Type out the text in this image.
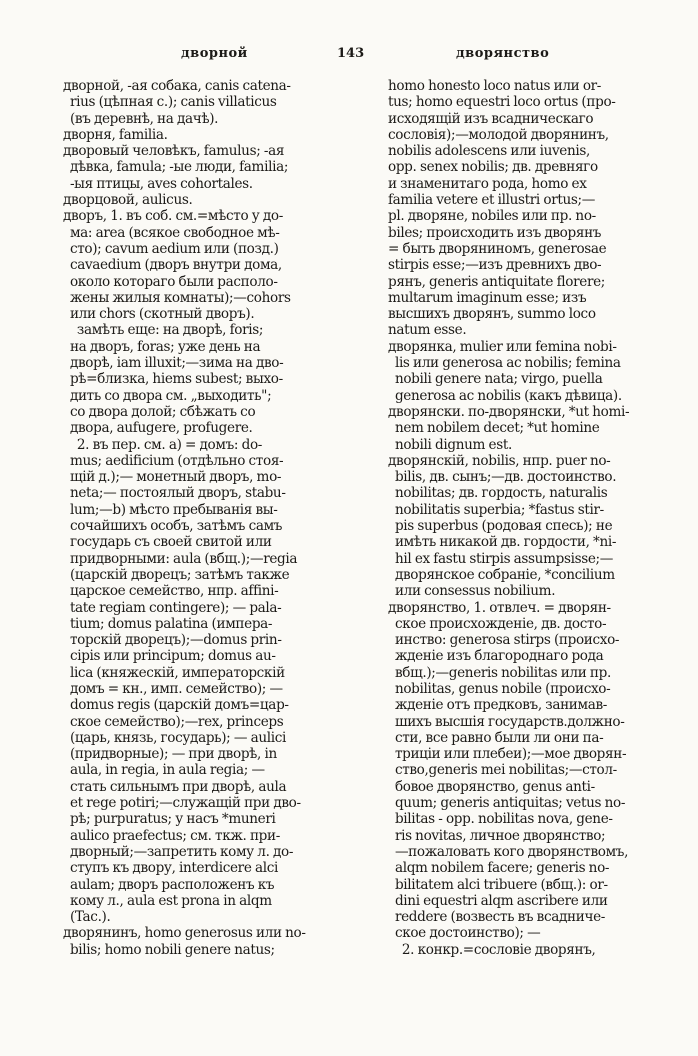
дворной	143	дворянство
дворной, -ая собака, canis catena-
rius (цѣпная с.); canis villaticus
(въ деревнѣ, на дачѣ).
дворня, familia.
дворовый человѣкъ, famulus; -ая
дѣвка, famula; -ые люди, familia;
-ыя птицы, aves cohortales.
дворцовой, aulicus.
дворъ, 1. въ соб. см.=мѣсто у до-
ма: area (всякое свободное мѣ-
сто); cavum aedium или (позд.)
cavaedium (дворъ внутри дома,
около котораго были располо-
жены жилыя комнаты);—cohors
или chors (скотный дворъ).
замѣть еще: на дворѣ, foris;
на дворъ, foras; уже день на
дворѣ, iam illuxit;—зима на дво-
рѣ=близка, hiems subest; выхо-
дить со двора см. „выходить";
со двора долой; сбѣжать со
двора, aufugere, profugere.
2. въ пер. см. а) = домъ: do-
mus; aedificium (отдѣльно стоя-
щій д.);— монетный дворъ, mo-
neta;— постоялый дворъ, stabu-
lum;—b) мѣсто пребыванія вы-
сочайшихъ особъ, затѣмъ самъ
государь съ своей свитой или
придворными: aula (вбщ.);—regia
(царскій дворецъ; затѣмъ также
царское семейство, нпр. affini-
tate regiam contingere); — pala-
tium; domus palatina (импера-
торскій дворецъ);—domus prin-
cipis или principum; domus au-
lica (княжескій, императорскій
домъ = кн., имп. семейство); —
domus regis (царскій домъ=цар-
ское семейство);—rex, princeps
(царь, князь, государь); — aulici
(придворные); — при дворѣ, in
aula, in regia, in aula regia; —
стать сильнымъ при дворѣ, aula
et rege potiri;—служащій при дво-
рѣ; purpuratus; у насъ *muneri
aulico praefectus; см. ткж. при-
дворный;—запретить кому л. до-
ступъ къ двору, interdicere alci
aulam; дворъ расположенъ къ
кому л., aula est prona in alqm
(Tac.).
дворянинъ, homo generosus или no-
bilis; homo nobili genere natus;
homo honesto loco natus или or-
tus; homo equestri loco ortus (про-
исходящій изъ всадническаго
сословія);—молодой дворянинъ,
nobilis adolescens или iuvenis,
opp. senex nobilis; дв. древняго
и знаменитаго рода, homo ex
familia vetere et illustri ortus;—
pl. дворяне, nobiles или пр. no-
biles; происходить изъ дворянъ
= быть дворяниномъ, generosae
stirpis esse;—изъ древнихъ дво-
рянъ, generis antiquitate florere;
multarum imaginum esse; изъ
высшихъ дворянъ, summo loco
natum esse.
дворянка, mulier или femina nobi-
lis или generosa ac nobilis; femina
nobili genere nata; virgo, puella
generosa ac nobilis (какъ дѣвица).
дворянски. по-дворянски, *ut homi-
nem nobilem decet; *ut homine
nobili dignum est.
дворянскій, nobilis, нпр. puer no-
bilis, дв. сынъ;—дв. достоинство.
nobilitas; дв. гордость, naturalis
nobilitatis superbia; *fastus stir-
pis superbus (родовая спесь); не
имѣть никакой дв. гордости, *ni-
hil ex fastu stirpis assumpsisse;—
дворянское собраніе, *concilium
или consessus nobilium.
дворянство, 1. отвлеч. = дворян-
ское происхожденіе, дв. досто-
инство: generosa stirps (происхо-
жденіе изъ благороднаго рода
вбщ.);—generis nobilitas или пр.
nobilitas, genus nobile (происхо-
жденіе отъ предковъ, занимав-
шихъ высшія государств.должно-
сти, все равно были ли они па-
трицiи или плебеи);—мое дворян-
ство,generis mei nobilitas;—стол-
бовое дворянство, genus anti-
quum; generis antiquitas; vetus no-
bilitas - opp. nobilitas nova, gene-
ris novitas, личное дворянство;
—пожаловать кого дворянствомъ,
alqm nobilem facere; generis no-
bilitatem alci tribuere (вбщ.): or-
dini equestri alqm ascribere или
reddere (возвесть въ всадниче-
ское достоинство); —
2. конкр.=сословіе дворянъ,
